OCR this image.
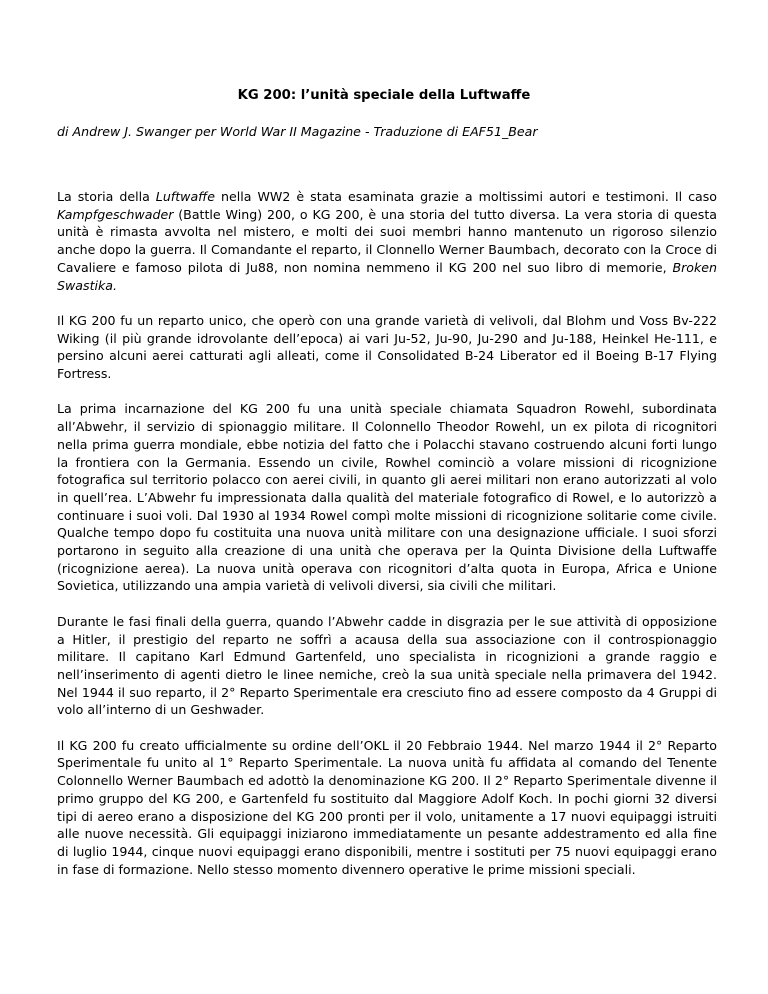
KG 200: l’unità speciale della Luftwaffe
di Andrew J. Swanger per World War II Magazine - Traduzione di EAF51_Bear

La storia della Luftwaffe nella WW2 è stata esaminata grazie a moltissimi autori e testimoni. Il caso Kampfgeschwader (Battle Wing) 200, o KG 200, è una storia del tutto diversa. La vera storia di questa unità è rimasta avvolta nel mistero, e molti dei suoi membri hanno mantenuto un rigoroso silenzio anche dopo la guerra. Il Comandante el reparto, il Clonnello Werner Baumbach, decorato con la Croce di Cavaliere e famoso pilota di Ju88, non nomina nemmeno il KG 200 nel suo libro di memorie, Broken Swastika.

Il KG 200 fu un reparto unico, che operò con una grande varietà di velivoli, dal Blohm und Voss Bv-222 Wiking (il più grande idrovolante dell’epoca) ai vari Ju-52, Ju-90, Ju-290 and Ju-188, Heinkel He-111, e persino alcuni aerei catturati agli alleati, come il Consolidated B-24 Liberator ed il Boeing B-17 Flying Fortress.

La prima incarnazione del KG 200 fu una unità speciale chiamata Squadron Rowehl, subordinata all’Abwehr, il servizio di spionaggio militare. Il Colonnello Theodor Rowehl, un ex pilota di ricognitori nella prima guerra mondiale, ebbe notizia del fatto che i Polacchi stavano costruendo alcuni forti lungo la frontiera con la Germania. Essendo un civile, Rowhel cominciò a volare missioni di ricognizione fotografica sul territorio polacco con aerei civili, in quanto gli aerei militari non erano autorizzati al volo in quell’rea. L’Abwehr fu impressionata dalla qualità del materiale fotografico di Rowel, e lo autorizzò a continuare i suoi voli. Dal 1930 al 1934 Rowel compì molte missioni di ricognizione solitarie come civile. Qualche tempo dopo fu costituita una nuova unità militare con una designazione ufficiale. I suoi sforzi portarono in seguito alla creazione di una unità che operava per la Quinta Divisione della Luftwaffe (ricognizione aerea). La nuova unità operava con ricognitori d’alta quota in Europa, Africa e Unione Sovietica, utilizzando una ampia varietà di velivoli diversi, sia civili che militari.

Durante le fasi finali della guerra, quando l’Abwehr cadde in disgrazia per le sue attività di opposizione a Hitler, il prestigio del reparto ne soffrì a acausa della sua associazione con il controspionaggio militare. Il capitano Karl Edmund Gartenfeld, uno specialista in ricognizioni a grande raggio e nell’inserimento di agenti dietro le linee nemiche, creò la sua unità speciale nella primavera del 1942. Nel 1944 il suo reparto, il 2° Reparto Sperimentale era cresciuto fino ad essere composto da 4 Gruppi di volo all’interno di un Geshwader.

Il KG 200 fu creato ufficialmente su ordine dell’OKL il 20 Febbraio 1944. Nel marzo 1944 il 2° Reparto Sperimentale fu unito al 1° Reparto Sperimentale. La nuova unità fu affidata al comando del Tenente Colonnello Werner Baumbach ed adottò la denominazione KG 200. Il 2° Reparto Sperimentale divenne il primo gruppo del KG 200, e Gartenfeld fu sostituito dal Maggiore Adolf Koch. In pochi giorni 32 diversi tipi di aereo erano a disposizione del KG 200 pronti per il volo, unitamente a 17 nuovi equipaggi istruiti alle nuove necessità. Gli equipaggi iniziarono immediatamente un pesante addestramento ed alla fine di luglio 1944, cinque nuovi equipaggi erano disponibili, mentre i sostituti per 75 nuovi equipaggi erano in fase di formazione. Nello stesso momento divennero operative le prime missioni speciali.
